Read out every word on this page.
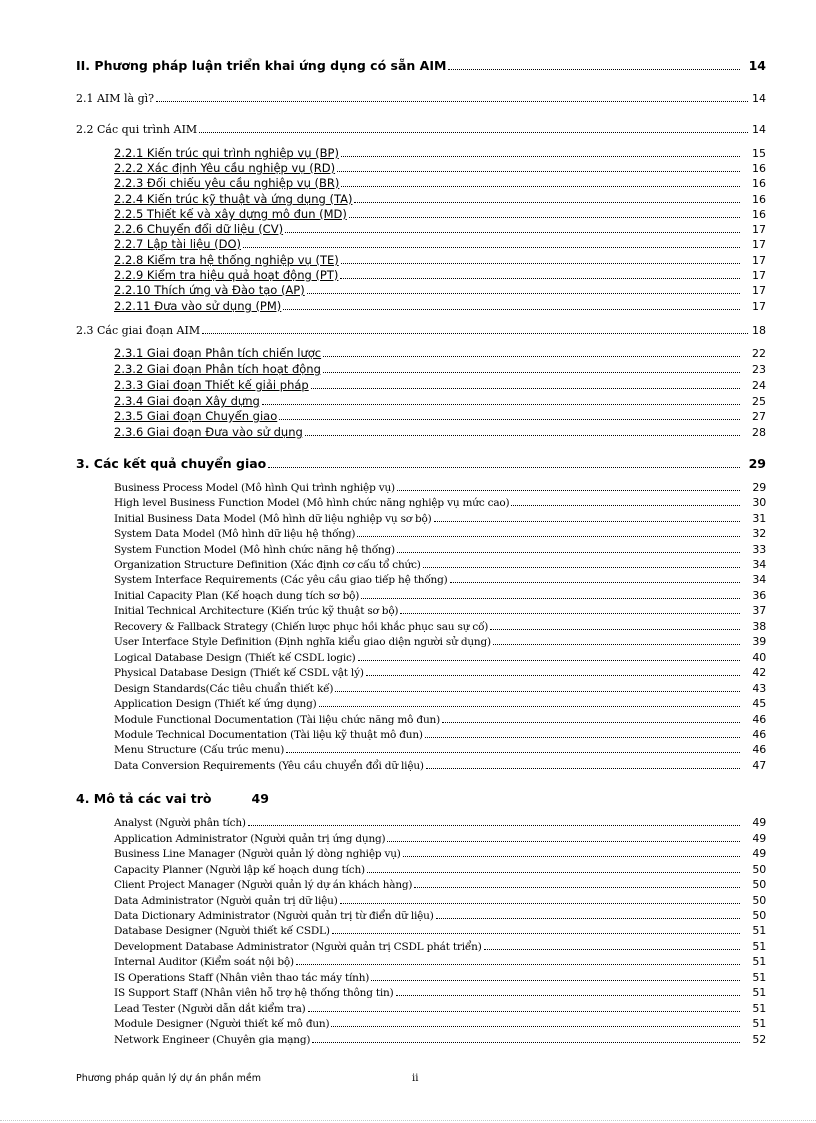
II. Phương pháp luận triển khai ứng dụng có sẵn AIM	14
2.1 AIM là gì?	14
2.2 Các qui trình AIM	14
2.2.1 Kiến trúc qui trình nghiệp vụ (BP)	15
2.2.2 Xác định Yêu cầu nghiệp vụ (RD)	16
2.2.3 Đối chiếu yêu cầu nghiệp vụ (BR)	16
2.2.4 Kiến trúc kỹ thuật và ứng dụng (TA)	16
2.2.5 Thiết kế và xây dựng mô đun (MD)	16
2.2.6 Chuyển đổi dữ liệu (CV)	17
2.2.7 Lập tài liệu (DO)	17
2.2.8 Kiểm tra hệ thống nghiệp vụ (TE)	17
2.2.9 Kiểm tra hiệu quả hoạt động (PT)	17
2.2.10 Thích ứng và Đào tạo (AP)	17
2.2.11 Đưa vào sử dụng (PM)	17
2.3 Các giai đoạn AIM	18
2.3.1 Giai đoạn Phân tích chiến lược	22
2.3.2 Giai đoạn Phân tích hoạt động	23
2.3.3 Giai đoạn Thiết kế giải pháp	24
2.3.4 Giai đoạn Xây dựng	25
2.3.5 Giai đoạn Chuyển giao	27
2.3.6 Giai đoạn Đưa vào sử dụng	28
3. Các kết quả chuyển giao	29
Business Process Model (Mô hình Qui trình nghiệp vụ)	29
High level Business Function Model (Mô hình chức năng nghiệp vụ mức cao)	30
Initial Business Data Model (Mô hình dữ liệu nghiệp vụ sơ bộ)	31
System Data Model (Mô hình dữ liệu hệ thống)	32
System Function Model (Mô hình chức năng hệ thống)	33
Organization Structure Definition (Xác định cơ cấu tổ chức)	34
System Interface Requirements (Các yêu cầu giao tiếp hệ thống)	34
Initial Capacity Plan (Kế hoạch dung tích sơ bộ)	36
Initial Technical Architecture (Kiến trúc kỹ thuật sơ bộ)	37
Recovery & Fallback Strategy (Chiến lược phục hồi khắc phục sau sự cố)	38
User Interface Style Definition (Định nghĩa kiểu giao diện người sử dụng)	39
Logical Database Design (Thiết kế CSDL logic)	40
Physical Database Design (Thiết kế CSDL vật lý)	42
Design Standards(Các tiêu chuẩn thiết kế)	43
Application Design (Thiết kế ứng dụng)	45
Module Functional Documentation (Tài liệu chức năng mô đun)	46
Module Technical Documentation (Tài liệu kỹ thuật mô đun)	46
Menu Structure (Cấu trúc menu)	46
Data Conversion Requirements (Yêu cầu chuyển đổi dữ liệu)	47
4. Mô tả các vai trò	49
Analyst (Người phân tích)	49
Application Administrator (Người quản trị ứng dụng)	49
Business Line Manager (Người quản lý dòng nghiệp vụ)	49
Capacity Planner (Người lập kế hoạch dung tích)	50
Client Project Manager (Người quản lý dự án khách hàng)	50
Data Administrator (Người quản trị dữ liệu)	50
Data Dictionary Administrator (Người quản trị từ điển dữ liệu)	50
Database Designer (Người thiết kế CSDL)	51
Development Database Administrator (Người quản trị CSDL phát triển)	51
Internal Auditor (Kiểm soát nội bộ)	51
IS Operations Staff (Nhân viên thao tác máy tính)	51
IS Support Staff (Nhân viên hỗ trợ hệ thống thông tin)	51
Lead Tester (Người dẫn dắt kiểm tra)	51
Module Designer (Người thiết kế mô đun)	51
Network Engineer (Chuyên gia mạng)	52
Phương pháp quản lý dự án phần mềm	ii
